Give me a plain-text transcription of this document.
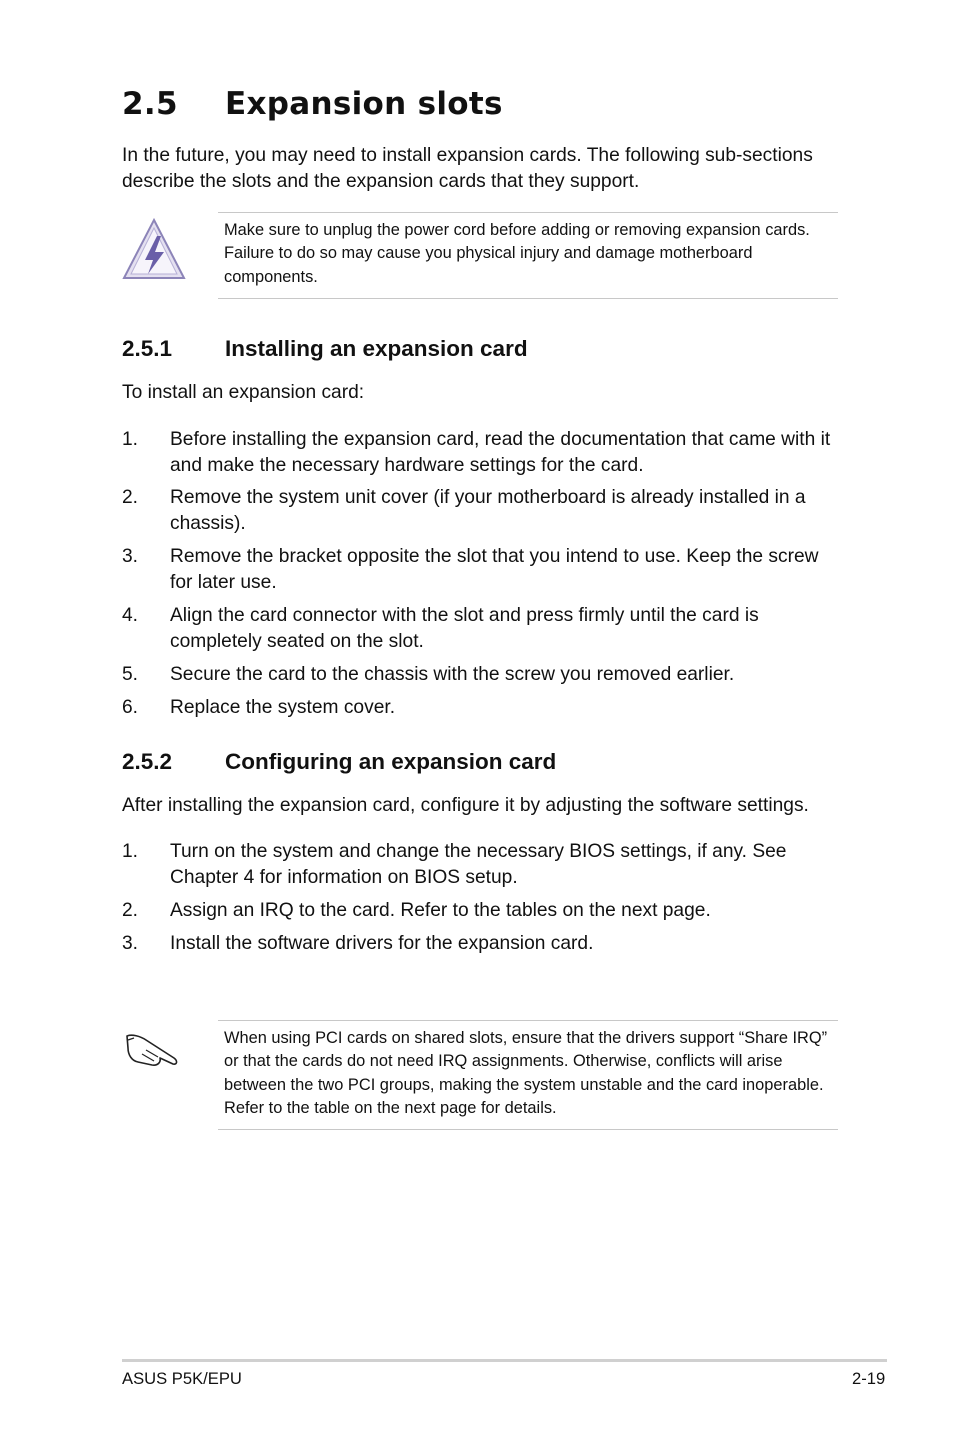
2.5 Expansion slots

In the future, you may need to install expansion cards. The following sub-sections describe the slots and the expansion cards that they support.

Make sure to unplug the power cord before adding or removing expansion cards. Failure to do so may cause you physical injury and damage motherboard components.

2.5.1 Installing an expansion card

To install an expansion card:

1. Before installing the expansion card, read the documentation that came with it and make the necessary hardware settings for the card.
2. Remove the system unit cover (if your motherboard is already installed in a chassis).
3. Remove the bracket opposite the slot that you intend to use. Keep the screw for later use.
4. Align the card connector with the slot and press firmly until the card is completely seated on the slot.
5. Secure the card to the chassis with the screw you removed earlier.
6. Replace the system cover.
2.5.2 Configuring an expansion card

After installing the expansion card, configure it by adjusting the software settings.

1. Turn on the system and change the necessary BIOS settings, if any. See Chapter 4 for information on BIOS setup.
2. Assign an IRQ to the card. Refer to the tables on the next page.
3. Install the software drivers for the expansion card.

When using PCI cards on shared slots, ensure that the drivers support “Share IRQ” or that the cards do not need IRQ assignments. Otherwise, conflicts will arise between the two PCI groups, making the system unstable and the card inoperable. Refer to the table on the next page for details.

ASUS P5K/EPU	2-19
